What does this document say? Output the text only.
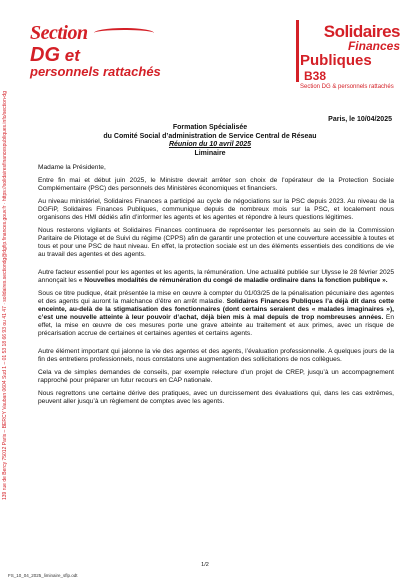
Section
DG et
personnels rattachés
Solidaires
Finances
Publiques
B38
Section DG & personnels rattachés
139 rue de Bercy 75012 Paris – BERCY Vauban 0604 Sud 1 – 01 53 18 66 93 ou 41 47 · solidaires.sectiondg@dgfip.finances.gouv.fr · https://solidairesfinancespubliques.info/section-dg	Paris, le 10/04/2025
Formation Spécialisée
du Comité Social d’administration de Service Central de Réseau
Réunion du 10 avril 2025
Liminaire

Madame la Présidente,

Entre fin mai et début juin 2025, le Ministre devrait arrêter son choix de l’opérateur de la Protection Sociale Complémentaire (PSC) des personnels des Ministères économiques et financiers.

Au niveau ministériel, Solidaires Finances a participé au cycle de négociations sur la PSC depuis 2023. Au niveau de la DGFiP, Solidaires Finances Publiques, communique depuis de nombreux mois sur la PSC, et localement nous organisons des HMI dédiés afin d’informer les agents et les agentes et répondre à leurs questions légitimes.

Nous resterons vigilants et Solidaires Finances continuera de représenter les personnels au sein de la Commission Paritaire de Pilotage et de Suivi du régime (CPPS) afin de garantir une protection et une couverture accessible à toutes et tous et pour une PSC de haut niveau. En effet, la protection sociale est un des éléments essentiels des conditions de vie au travail des agentes et des agents.

Autre facteur essentiel pour les agentes et les agents, la rémunération. Une actualité publiée sur Ulysse le 28 février 2025 annonçait les « Nouvelles modalités de rémunération du congé de maladie ordinaire dans la fonction publique ».

Sous ce titre pudique, était présentée la mise en œuvre à compter du 01/03/25 de la pénalisation pécuniaire des agentes et des agents qui auront la malchance d’être en arrêt maladie. Solidaires Finances Publiques l’a déjà dit dans cette enceinte, au-delà de la stigmatisation des fonctionnaires (dont certains seraient des « malades imaginaires »), c’est une nouvelle atteinte à leur pouvoir d’achat, déjà bien mis à mal depuis de trop nombreuses années. En effet, la mise en œuvre de ces mesures porte une grave atteinte au traitement et aux primes, avec un risque de précarisation accrue de certaines et certaines agentes et certains agents.

Autre élément important qui jalonne la vie des agentes et des agents, l’évaluation professionnelle. A quelques jours de la fin des entretiens professionnels, nous constatons une augmentation des sollicitations de nos collègues.

Cela va de simples demandes de conseils, par exemple relecture d’un projet de CREP, jusqu’à un accompagnement rapproché pour préparer un futur recours en CAP nationale.

Nous regrettons une certaine dérive des pratiques, avec un durcissement des évaluations qui, dans les cas extrêmes, peuvent aller jusqu’à un règlement de comptes avec les agents.

1/2
FS_10_04_2025_liminaire_sflp.odt
